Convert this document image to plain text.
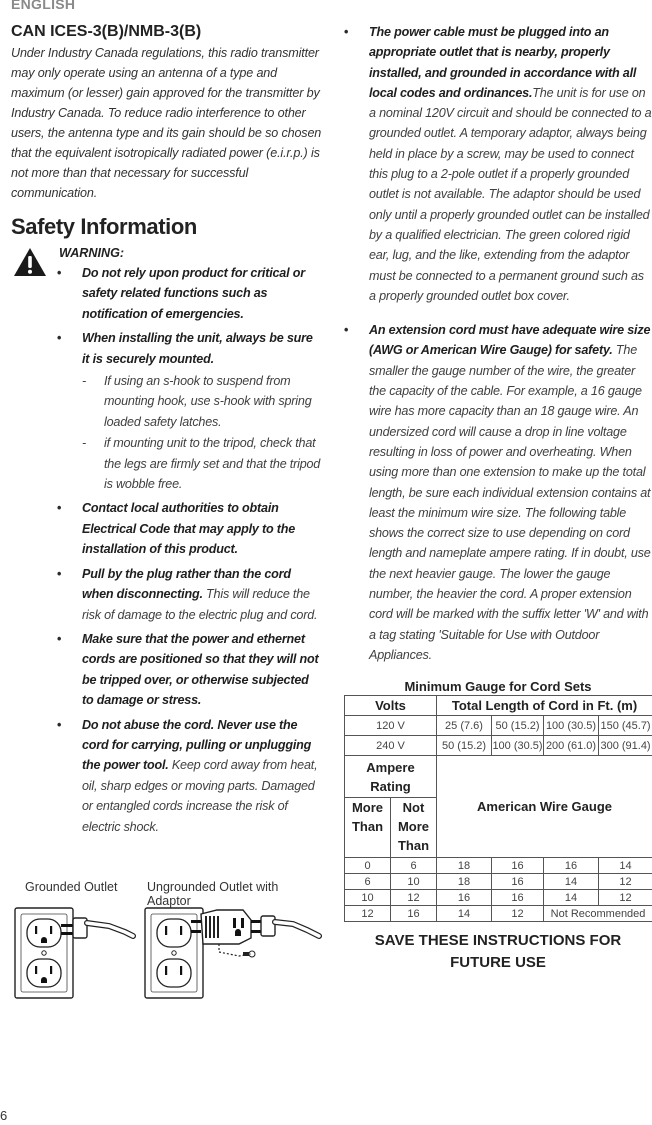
ENGLISH
CAN ICES-3(B)/NMB-3(B)

Under Industry Canada regulations, this radio transmitter may only operate using an antenna of a type and maximum (or lesser) gain approved for the transmitter by Industry Canada. To reduce radio interference to other users, the antenna type and its gain should be so chosen that the equivalent isotropically radiated power (e.i.r.p.) is not more than that necessary for successful communication.

Safety Information
WARNING:
• Do not rely upon product for critical or safety related functions such as notification of emergencies.
• When installing the unit, always be sure it is securely mounted.
- If using an s-hook to suspend from mounting hook, use s-hook with spring loaded safety latches.
- if mounting unit to the tripod, check that the legs are firmly set and that the tripod is wobble free.
• Contact local authorities to obtain Electrical Code that may apply to the installation of this product.
• Pull by the plug rather than the cord when disconnecting. This will reduce the risk of damage to the electric plug and cord.
• Make sure that the power and ethernet cords are positioned so that they will not be tripped over, or otherwise subjected to damage or stress.
• Do not abuse the cord. Never use the cord for carrying, pulling or unplugging the power tool. Keep cord away from heat, oil, sharp edges or moving parts. Damaged or entangled cords increase the risk of electric shock.
Grounded Outlet Ungrounded Outlet with Adaptor
• The power cable must be plugged into an appropriate outlet that is nearby, properly installed, and grounded in accordance with all local codes and ordinances.The unit is for use on a nominal 120V circuit and should be connected to a grounded outlet. A temporary adaptor, always being held in place by a screw, may be used to connect this plug to a 2-pole outlet if a properly grounded outlet is not available. The adaptor should be used only until a properly grounded outlet can be installed by a qualified electrician. The green colored rigid ear, lug, and the like, extending from the adaptor must be connected to a permanent ground such as a properly grounded outlet box cover.
• An extension cord must have adequate wire size (AWG or American Wire Gauge) for safety. The smaller the gauge number of the wire, the greater the capacity of the cable. For example, a 16 gauge wire has more capacity than an 18 gauge wire. An undersized cord will cause a drop in line voltage resulting in loss of power and overheating. When using more than one extension to make up the total length, be sure each individual extension contains at least the minimum wire size. The following table shows the correct size to use depending on cord length and nameplate ampere rating. If in doubt, use the next heavier gauge. The lower the gauge number, the heavier the cord. A proper extension cord will be marked with the suffix letter 'W' and with a tag stating 'Suitable for Use with Outdoor Appliances.
Minimum Gauge for Cord Sets
Volts		Total Length of Cord in Ft. (m)			
120 V		25 (7.6)	50 (15.2)	100 (30.5)	150 (45.7)
240 V		50 (15.2)	100 (30.5)	200 (61.0)	300 (91.4)
Ampere Rating		American Wire Gauge			
More Than	Not More Than				
0	6	18	16	16	14
6	10	18	16	14	12
10	12	16	16	14	12
12	16	14	12	Not Recommended	
SAVE THESE INSTRUCTIONS FOR FUTURE USE
6
